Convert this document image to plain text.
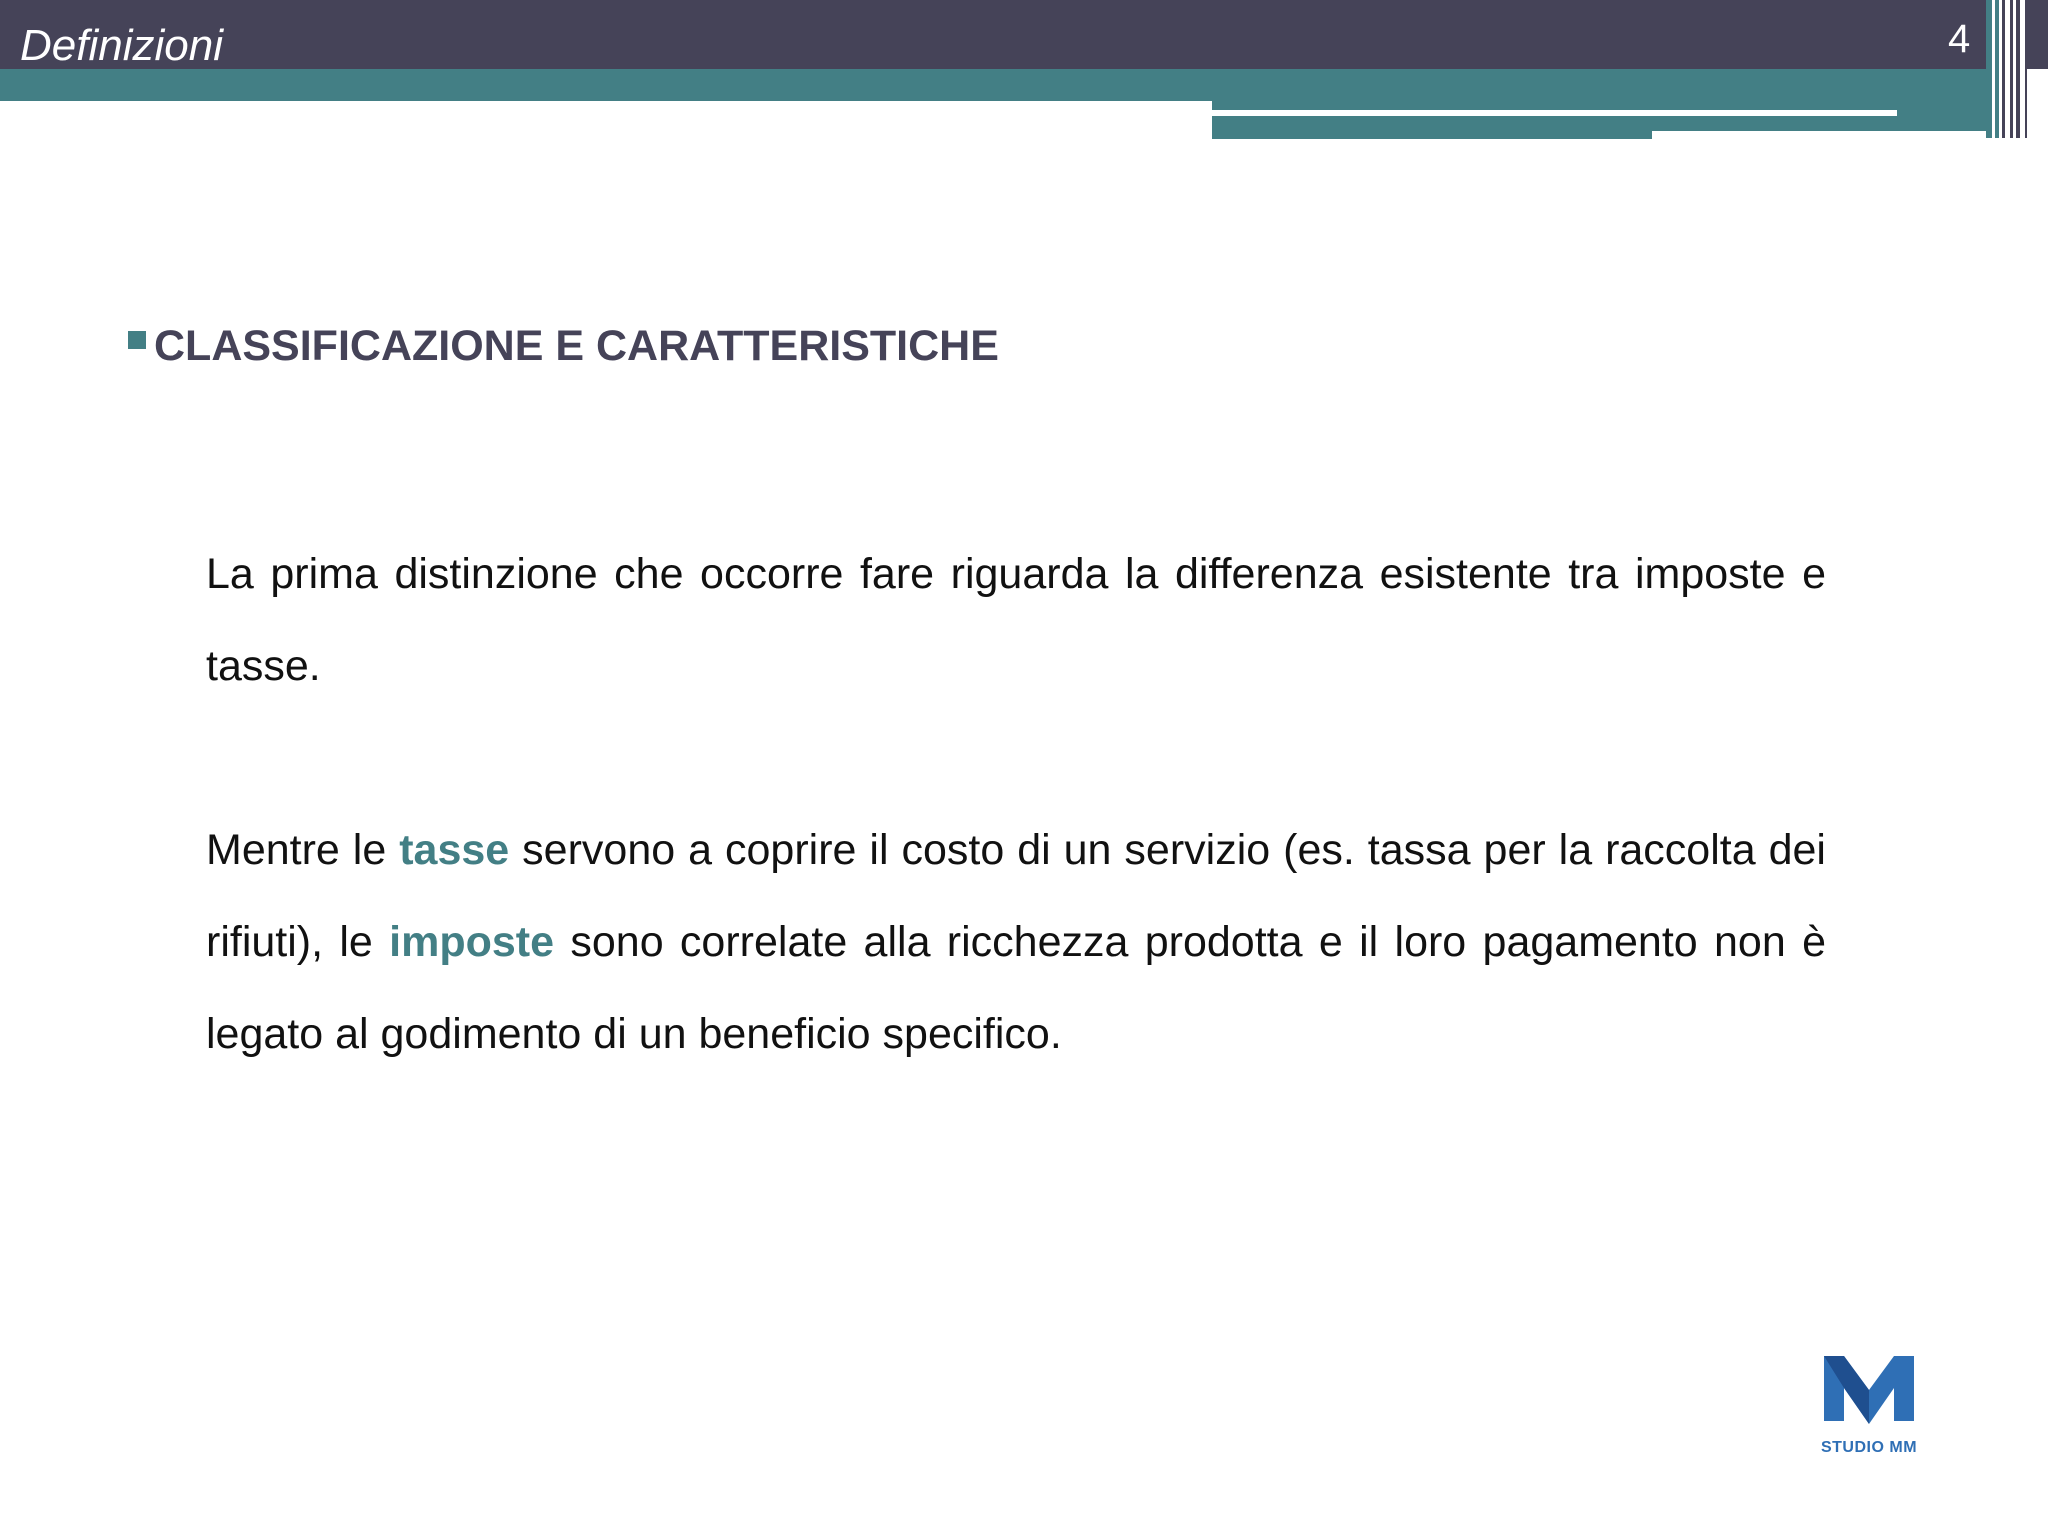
Definizioni	4
CLASSIFICAZIONE E CARATTERISTICHE

La prima distinzione che occorre fare riguarda la differenza esistente tra imposte e tasse.

Mentre le tasse servono a coprire il costo di un servizio (es. tassa per la raccolta dei rifiuti), le imposte sono correlate alla ricchezza prodotta e il loro pagamento non è legato al godimento di un beneficio specifico.

STUDIO MM
